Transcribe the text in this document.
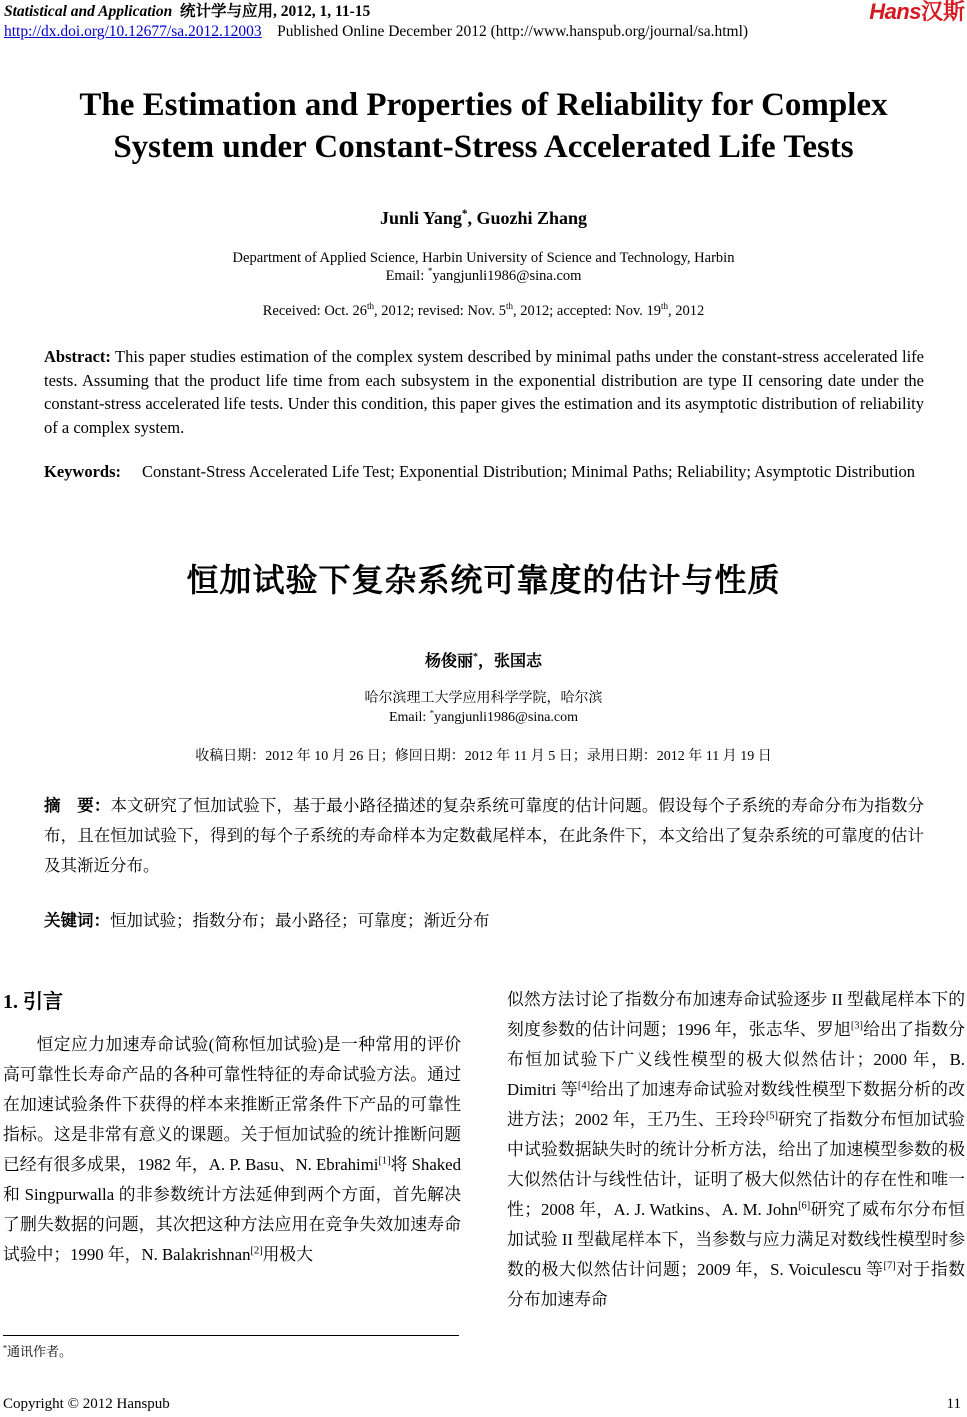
Statistical and Application 统计学与应用, 2012, 1, 11-15
http://dx.doi.org/10.12677/sa.2012.12003 Published Online December 2012 (http://www.hanspub.org/journal/sa.html)
Hans汉斯
The Estimation and Properties of Reliability for Complex
System under Constant-Stress Accelerated Life Tests
Junli Yang*, Guozhi Zhang
Department of Applied Science, Harbin University of Science and Technology, Harbin
Email: *yangjunli1986@sina.com
Received: Oct. 26th, 2012; revised: Nov. 5th, 2012; accepted: Nov. 19th, 2012
Abstract: This paper studies estimation of the complex system described by minimal paths under the constant-stress accelerated life tests. Assuming that the product life time from each subsystem in the exponential distribution are type II censoring date under the constant-stress accelerated life tests. Under this condition, this paper gives the estimation and its asymptotic distribution of reliability of a complex system.
Keywords:	Constant-Stress Accelerated Life Test; Exponential Distribution; Minimal Paths; Reliability; Asymptotic Distribution
恒加试验下复杂系统可靠度的估计与性质
杨俊丽*，张国志
哈尔滨理工大学应用科学学院，哈尔滨
Email: *yangjunli1986@sina.com
收稿日期：2012 年 10 月 26 日；修回日期：2012 年 11 月 5 日；录用日期：2012 年 11 月 19 日
摘　要：本文研究了恒加试验下，基于最小路径描述的复杂系统可靠度的估计问题。假设每个子系统的寿命分布为指数分布，且在恒加试验下，得到的每个子系统的寿命样本为定数截尾样本，在此条件下，本文给出了复杂系统的可靠度的估计及其渐近分布。
关键词：恒加试验；指数分布；最小路径；可靠度；渐近分布
1. 引言

恒定应力加速寿命试验(简称恒加试验)是一种常用的评价高可靠性长寿命产品的各种可靠性特征的寿命试验方法。通过在加速试验条件下获得的样本来推断正常条件下产品的可靠性指标。这是非常有意义的课题。关于恒加试验的统计推断问题已经有很多成果，1982 年，A. P. Basu、N. Ebrahimi[1]将 Shaked 和 Singpurwalla 的非参数统计方法延伸到两个方面，首先解决了删失数据的问题，其次把这种方法应用在竞争失效加速寿命试验中；1990 年，N. Balakrishnan[2]用极大

似然方法讨论了指数分布加速寿命试验逐步 II 型截尾样本下的刻度参数的估计问题；1996 年，张志华、罗旭[3]给出了指数分布恒加试验下广义线性模型的极大似然估计；2000 年，B. Dimitri 等[4]给出了加速寿命试验对数线性模型下数据分析的改进方法；2002 年，王乃生、王玲玲[5]研究了指数分布恒加试验中试验数据缺失时的统计分析方法，给出了加速模型参数的极大似然估计与线性估计，证明了极大似然估计的存在性和唯一性；2008 年，A. J. Watkins、A. M. John[6]研究了威布尔分布恒加试验 II 型截尾样本下，当参数与应力满足对数线性模型时参数的极大似然估计问题；2009 年，S. Voiculescu 等[7]对于指数分布加速寿命

*通讯作者。
Copyright © 2012 Hanspub	11
